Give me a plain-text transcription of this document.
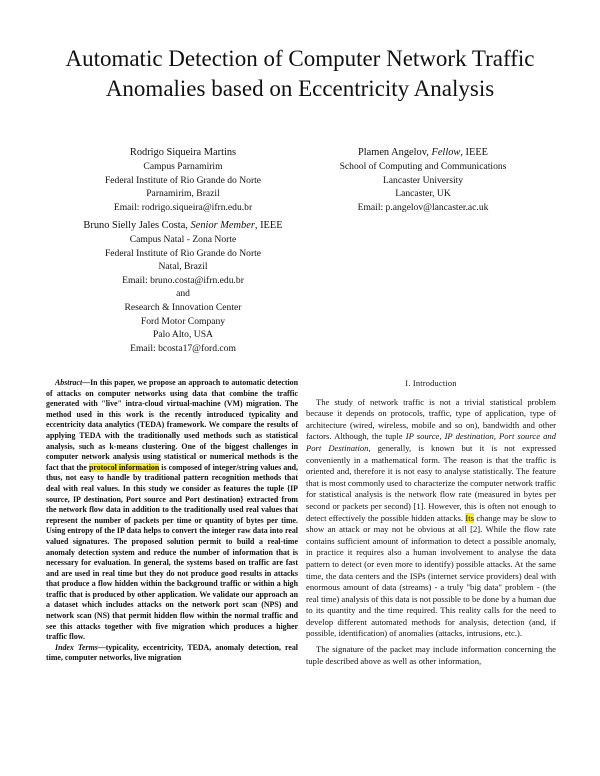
Automatic Detection of Computer Network Traffic
Anomalies based on Eccentricity Analysis
Rodrigo Siqueira Martins
Campus Parnamirim
Federal Institute of Rio Grande do Norte
Parnamirim, Brazil
Email: rodrigo.siqueira@ifrn.edu.br
Plamen Angelov, Fellow, IEEE
School of Computing and Communications
Lancaster University
Lancaster, UK
Email: p.angelov@lancaster.ac.uk
Bruno Sielly Jales Costa, Senior Member, IEEE
Campus Natal - Zona Norte
Federal Institute of Rio Grande do Norte
Natal, Brazil
Email: bruno.costa@ifrn.edu.br
and
Research & Innovation Center
Ford Motor Company
Palo Alto, USA
Email: bcosta17@ford.com

Abstract—In this paper, we propose an approach to automatic detection of attacks on computer networks using data that combine the traffic generated with "live" intra-cloud virtual-machine (VM) migration. The method used in this work is the recently introduced typicality and eccentricity data analytics (TEDA) framework. We compare the results of applying TEDA with the traditionally used methods such as statistical analysis, such as k-means clustering. One of the biggest challenges in computer network analysis using statistical or numerical methods is the fact that the protocol information is composed of integer/string values and, thus, not easy to handle by traditional pattern recognition methods that deal with real values. In this study we consider as features the tuple {IP source, IP destination, Port source and Port destination} extracted from the network flow data in addition to the traditionally used real values that represent the number of packets per time or quantity of bytes per time. Using entropy of the IP data helps to convert the integer raw data into real valued signatures. The proposed solution permit to build a real-time anomaly detection system and reduce the number of information that is necessary for evaluation. In general, the systems based on traffic are fast and are used in real time but they do not produce good results in attacks that produce a flow hidden within the background traffic or within a high traffic that is produced by other application. We validate our approach an a dataset which includes attacks on the network port scan (NPS) and network scan (NS) that permit hidden flow within the normal traffic and see this attacks together with five migration which produces a higher traffic flow.

Index Terms—typicality, eccentricity, TEDA, anomaly detection, real time, computer networks, live migration

I. Introduction

The study of network traffic is not a trivial statistical problem because it depends on protocols, traffic, type of application, type of architecture (wired, wireless, mobile and so on), bandwidth and other factors. Although, the tuple IP source, IP destination, Port source and Port Destination, generally, is known but it is not expressed conveniently in a mathematical form. The reason is that the traffic is oriented and, therefore it is not easy to analyse statistically. The feature that is most commonly used to characterize the computer network traffic for statistical analysis is the network flow rate (measured in bytes per second or packets per second) [1]. However, this is often not enough to detect effectively the possible hidden attacks. Its change may be slow to show an attack or may not be obvious at all [2]. While the flow rate contains sufficient amount of information to detect a possible anomaly, in practice it requires also a human involvement to analyse the data pattern to detect (or even more to identify) possible attacks. At the same time, the data centers and the ISPs (internet service providers) deal with enormous amount of data (streams) - a truly "big data" problem - (the real time) analysis of this data is not possible to be done by a human due to its quantity and the time required. This reality calls for the need to develop different automated methods for analysis, detection (and, if possible, identification) of anomalies (attacks, intrusions, etc.).

The signature of the packet may include information concerning the tuple described above as well as other information,
